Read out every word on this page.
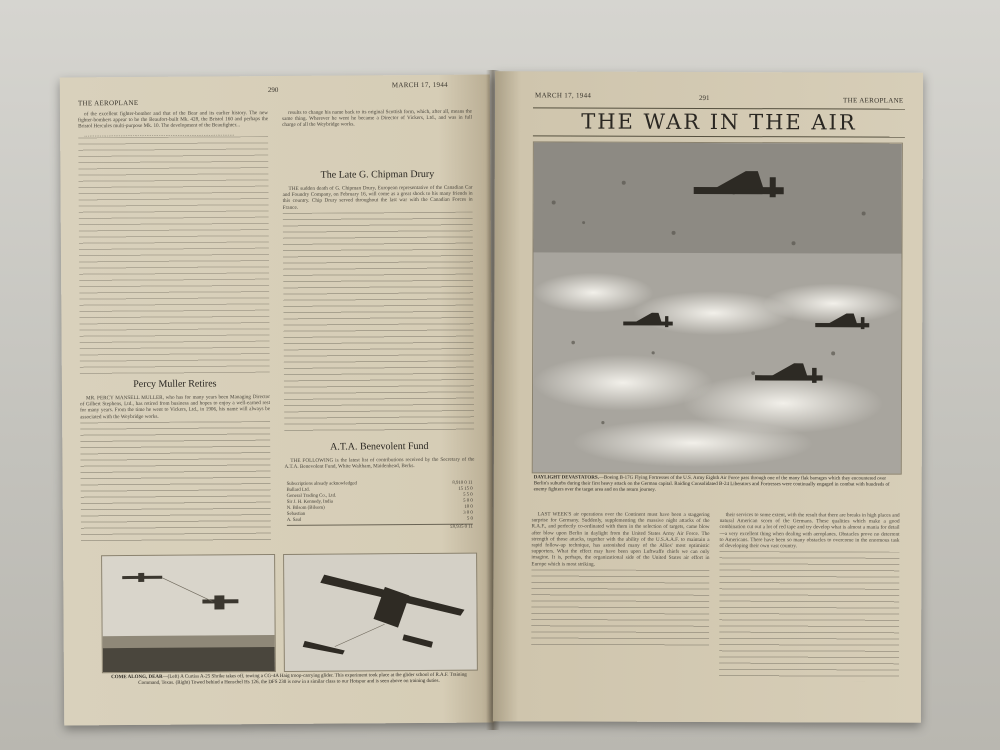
THE AEROPLANE
290
MARCH 17, 1944

of the excellent fighter-bomber and that of the Bear and its earlier history. The new fighter-bombers appear to be the Beaufort-built Mk. 428, the Bristol 160 and perhaps the Bristol Hercules multi-purpose Mk. 10. The development of the Beaufighter...

……………………………………………………………………………

Percy Muller Retires

MR. PERCY MANSELL MULLER, who has for many years been Managing Director of Gilbert Stephens, Ltd., has retired from business and hopes to enjoy a well-earned rest for many years. From the time he went to Vickers, Ltd., in 1906, his name will always be associated with the Weybridge works.

results to change his name back to its original Scottish form, which, after all, means the same thing. Wherever he went he became a Director of Vickers, Ltd., and was in full charge of all the Weybridge works.

The Late G. Chipman Drury

THE sudden death of G. Chipman Drury, European representative of the Canadian Car and Foundry Company, on February 16, will come as a great shock to his many friends in this country. Chip Drury served throughout the last war with the Canadian Forces in France.

A.T.A. Benevolent Fund

THE FOLLOWING is the latest list of contributions received by the Secretary of the A.T.A. Benevolent Fund, White Waltham, Maidenhead, Berks.

Subscriptions already acknowledged	8,910 0 11
Ballard Ltd.	15 15 0
General Trading Co., Ltd.	5 5 0
Sir J. H. Kennedy, India	5 0 0
N. Bilsom (Bilsom)	10 0
Sebastian	3 0 0
A. Saul	5 0
£8,935 0 11
COME ALONG, DEAR—(Left) A Curtiss A-25 Shrike takes off, towing a CG-4A Haig troop-carrying glider. This experiment took place at the glider school of R.A.F. Training Command, Texas. (Right) Towed behind a Henschel Hs 126, the DFS 230 is now in a similar class to our Hotspur and is seen above on training duties.
MARCH 17, 1944	291	THE AEROPLANE
THE WAR IN THE AIR
DAYLIGHT DEVASTATORS.—Boeing B-17G Flying Fortresses of the U.S. Army Eighth Air Force pass through one of the many flak barrages which they encountered over Berlin's suburbs during their first heavy attack on the German capital. Raiding Consolidated B-24 Liberators and Fortresses were continually engaged in combat with hundreds of enemy fighters over the target area and on the return journey.

LAST WEEK'S air operations over the Continent must have been a staggering surprise for Germany. Suddenly, supplementing the massive night attacks of the R.A.F., and perfectly co-ordinated with them in the selection of targets, came blow after blow upon Berlin in daylight from the United States Army Air Force. The strength of those attacks, together with the ability of the U.S.A.A.F. to maintain a rapid follow-up technique, has astonished many of the Allies' most optimistic supporters. What the effect may have been upon Luftwaffe chiefs we can only imagine. It is, perhaps, the organizational side of the United States air effort in Europe which is most striking.

their services to some extent, with the result that there are breaks in high places and natural American scorn of the Germans. These qualities which make a good combination cut out a lot of red tape and try develop what is almost a mania for detail—a very excellent thing when dealing with aeroplanes. Obstacles prove no deterrent to Americans. There have been so many obstacles to overcome in the enormous task of developing their own vast country.
